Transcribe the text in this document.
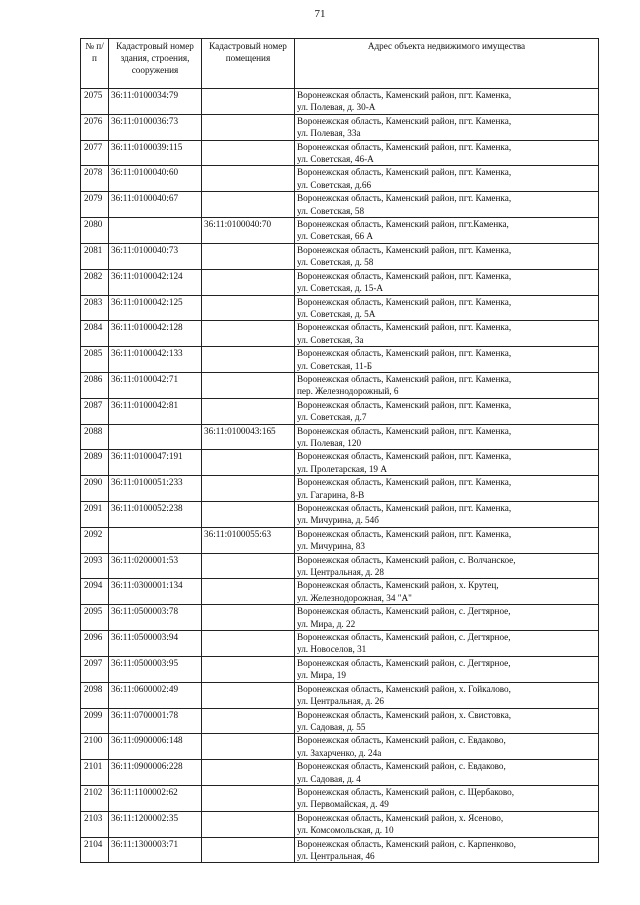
71
№ п/п	Кадастровый номер здания, строения, сооружения	Кадастровый номер помещения	Адрес объекта недвижимого имущества
2075	36:11:0100034:79		Воронежская область, Каменский район, пгт. Каменка,
ул. Полевая, д. 30-А

2076	36:11:0100036:73		Воронежская область, Каменский район, пгт. Каменка,
ул. Полевая, 33а

2077	36:11:0100039:115		Воронежская область, Каменский район, пгт. Каменка,
ул. Советская, 46-А

2078	36:11:0100040:60		Воронежская область, Каменский район, пгт. Каменка,
ул. Советская, д.66

2079	36:11:0100040:67		Воронежская область, Каменский район, пгт. Каменка,
ул. Советская, 58

2080		36:11:0100040:70	Воронежская область, Каменский район, пгт.Каменка,
ул. Советская, 66 А

2081	36:11:0100040:73		Воронежская область, Каменский район, пгт. Каменка,
ул. Советская, д. 58

2082	36:11:0100042:124		Воронежская область, Каменский район, пгт. Каменка,
ул. Советская, д. 15-А

2083	36:11:0100042:125		Воронежская область, Каменский район, пгт. Каменка,
ул. Советская, д. 5А

2084	36:11:0100042:128		Воронежская область, Каменский район, пгт. Каменка,
ул. Советская, 3а

2085	36:11:0100042:133		Воронежская область, Каменский район, пгт. Каменка,
ул. Советская, 11-Б

2086	36:11:0100042:71		Воронежская область, Каменский район, пгт. Каменка,
пер. Железнодорожный, 6

2087	36:11:0100042:81		Воронежская область, Каменский район, пгт. Каменка,
ул. Советская, д.7

2088		36:11:0100043:165	Воронежская область, Каменский район, пгт. Каменка,
ул. Полевая, 120

2089	36:11:0100047:191		Воронежская область, Каменский район, пгт. Каменка,
ул. Пролетарская, 19 А

2090	36:11:0100051:233		Воронежская область, Каменский район, пгт. Каменка,
ул. Гагарина, 8-В

2091	36:11:0100052:238		Воронежская область, Каменский район, пгт. Каменка,
ул. Мичурина, д. 54б

2092		36:11:0100055:63	Воронежская область, Каменский район, пгт. Каменка,
ул. Мичурина, 83

2093	36:11:0200001:53		Воронежская область, Каменский район, с. Волчанское,
ул. Центральная, д. 28

2094	36:11:0300001:134		Воронежская область, Каменский район, х. Крутец,
ул. Железнодорожная, 34 "А"

2095	36:11:0500003:78		Воронежская область, Каменский район, с. Дегтярное,
ул. Мира, д. 22

2096	36:11:0500003:94		Воронежская область, Каменский район, с. Дегтярное,
ул. Новоселов, 31

2097	36:11:0500003:95		Воронежская область, Каменский район, с. Дегтярное,
ул. Мира, 19

2098	36:11:0600002:49		Воронежская область, Каменский район, х. Гойкалово,
ул. Центральная, д. 26

2099	36:11:0700001:78		Воронежская область, Каменский район, х. Свистовка,
ул. Садовая, д. 55

2100	36:11:0900006:148		Воронежская область, Каменский район, с. Евдаково,
ул. Захарченко, д. 24а

2101	36:11:0900006:228		Воронежская область, Каменский район, с. Евдаково,
ул. Садовая, д. 4

2102	36:11:1100002:62		Воронежская область, Каменский район, с. Щербаково,
ул. Первомайская, д. 49

2103	36:11:1200002:35		Воронежская область, Каменский район, х. Ясеново,
ул. Комсомольская, д. 10

2104	36:11:1300003:71		Воронежская область, Каменский район, с. Карпенково,
ул. Центральная, 46
